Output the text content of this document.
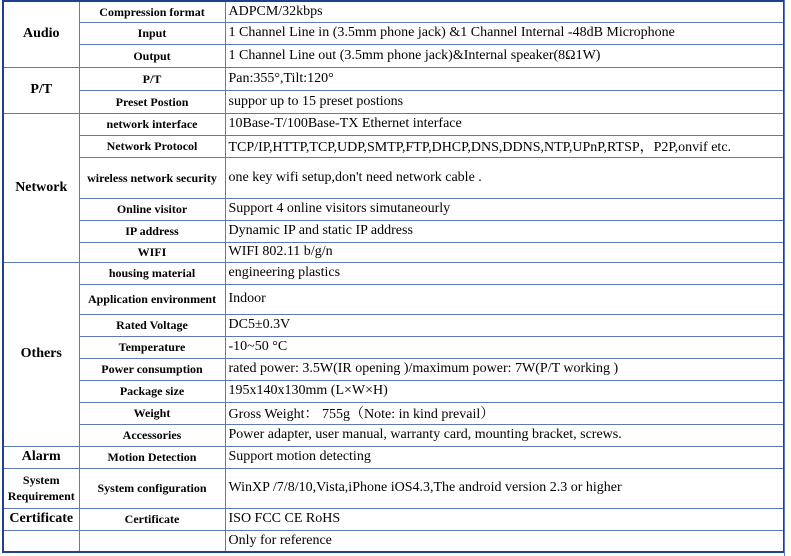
Audio	Compression format	ADPCM/32kbps
	Input	1 Channel Line in (3.5mm phone jack) &1 Channel Internal -48dB Microphone
	Output	1 Channel Line out (3.5mm phone jack)&Internal speaker(8Ω1W)
P/T	P/T	Pan:355°,Tilt:120°
	Preset Postion	suppor up to 15 preset postions
Network	network interface	10Base-T/100Base-TX Ethernet interface
	Network Protocol	TCP/IP,HTTP,TCP,UDP,SMTP,FTP,DHCP,DNS,DDNS,NTP,UPnP,RTSP，P2P,onvif etc.
	wireless network security	one key wifi setup,don't need network cable .
	Online visitor	Support 4 online visitors simutaneourly
	IP address	Dynamic IP and static IP address
	WIFI	WIFI 802.11 b/g/n
Others	housing material	engineering plastics
	Application environment	Indoor
	Rated Voltage	DC5±0.3V
	Temperature	-10~50 °C
	Power consumption	rated power: 3.5W(IR opening )/maximum power: 7W(P/T working )
	Package size	195x140x130mm (L×W×H)
	Weight	Gross Weight： 755g（Note: in kind prevail）
	Accessories	Power adapter, user manual, warranty card, mounting bracket, screws.
Alarm	Motion Detection	Support motion detecting
System Requirement	System configuration	WinXP /7/8/10,Vista,iPhone iOS4.3,The android version 2.3 or higher
Certificate	Certificate	ISO FCC CE RoHS
		Only for reference
